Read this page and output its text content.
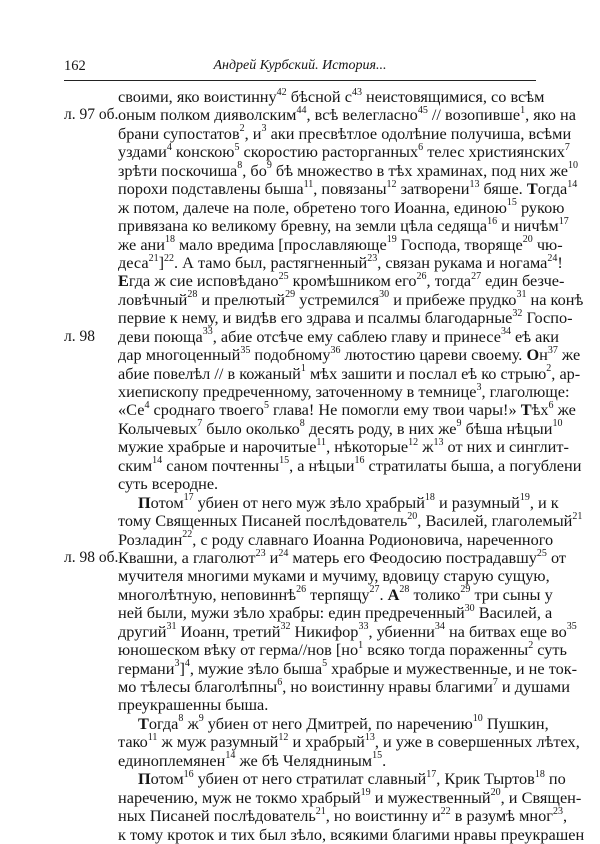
162	Андрей Курбский. История...
л. 97 об.
л. 98
л. 98 об.
своими, яко воистинну$^{42}$ бѣсной $с^{43}$ неистовящимися, со всѣм
оным полком дияволским$^{44}$, всѣ велегласно$^{45}$ // возопивше$^1$, яко на
брани супостатов$^2$, $и^3$ аки пресвѣтлое одолѣние получиша, всѣми
уздами$^4$ конскою$^5$ скоростию расторганных$^6$ телес християнских$^7$
зрѣти поскочиша$^8$, $бо^9$ бѣ множество в тѣх храминах, под них $же^{10}$
порохи подставлены быша$^{11}$, повязаны$^{12}$ затворени$^{13}$ бяше. Тогда$^{14}$
ж потом, далече на поле, обретено того Иоанна, единою$^{15}$ рукою
привязана ко великому бревну, на земли цѣла седяща$^{16}$ и ничѣм$^{17}$
же ани$^{18}$ мало вредима [прославляюще$^{19}$ Господа, творяще$^{20}$ чю-
деса$^{21}$]$^{22}$. А тамо был, растягненный$^{23}$, связан рукама и ногама$^{24}$!
Егда ж сие исповѣдано$^{25}$ кромѣшником его$^{26}$, тогда$^{27}$ един безче-
ловѣчный$^{28}$ и прелютый$^{29}$ устремился$^{30}$ и прибеже прудко$^{31}$ на конѣ
первие к нему, и видѣв его здрава и псалмы благодарные$^{32}$ Госпо-
деви поюща$^{33}$, абие отсѣче ему саблею главу и принесе$^{34}$ еѣ аки
дар многоценный$^{35}$ подобному$^{36}$ лютостию цареви своему. $Он^{37}$ же
абие повелѣл // в кожаный$^1$ мѣх зашити и послал еѣ ко стрыю$^2$, ар-
хиепископу предреченному, заточенному в темнице$^3$, глаголюще:
«$Се^4$ сроднаго твоего$^5$ глава! Не помогли ему твои чары!» Тѣх$^6$ же
Колычевых$^7$ было околько$^8$ десять роду, в них $же^9$ бѣша нѣцыи$^{10}$
мужие храбрые и нарочитые$^{11}$, нѣкоторые$^{12}$ $ж^{13}$ от них и синглит-
ским$^{14}$ саном почтенны$^{15}$, а нѣцыи$^{16}$ стратилаты быша, а погублени
суть всеродне.
Потом$^{17}$ убиен от него муж зѣло храбрый$^{18}$ и разумный$^{19}$, и к
тому Священных Писаней послѣдователь$^{20}$, Василей, глаголемый$^{21}$
Розладин$^{22}$, с роду славнаго Иоанна Родионовича, нареченного
Квашни, а глаголют$^{23}$ $и^{24}$ матерь его Феодосию пострадавшу$^{25}$ от
мучителя многими муками и мучиму, вдовицу старую сущую,
многолѣтную, неповиннѣ$^{26}$ терпящу$^{27}$. $А^{28}$ толико$^{29}$ три сыны у
ней были, мужи зѣло храбры: един предреченный$^{30}$ Василей, а
другий$^{31}$ Иоанн, третий$^{32}$ Никифор$^{33}$, убиенни$^{34}$ на битвах еще $во^{35}$
юношеском вѣку от герма//нов [$но^1$ всяко тогда пораженны$^2$ суть
германи$^3$]$^4$, мужие зѣло быша$^5$ храбрые и мужественные, и не ток-
мо тѣлесы благолѣпны$^6$, но воистинну нравы благими$^7$ и душами
преукрашенны быша.
Тогда$^8$ $ж^9$ убиен от него Дмитрей, по наречению$^{10}$ Пушкин,
тако$^{11}$ ж муж разумный$^{12}$ и храбрый$^{13}$, и уже в совершенных лѣтех,
единоплемянен$^{14}$ же бѣ Челядниным$^{15}$.
Потом$^{16}$ убиен от него стратилат славный$^{17}$, Крик Тыртов$^{18}$ по
наречению, муж не токмо храбрый$^{19}$ и мужественный$^{20}$, и Священ-
ных Писаней послѣдователь$^{21}$, но воистинну $и^{22}$ в разумѣ мног$^{23}$,
к тому кроток и тих был зѣло, всякими благими нравы преукрашен
